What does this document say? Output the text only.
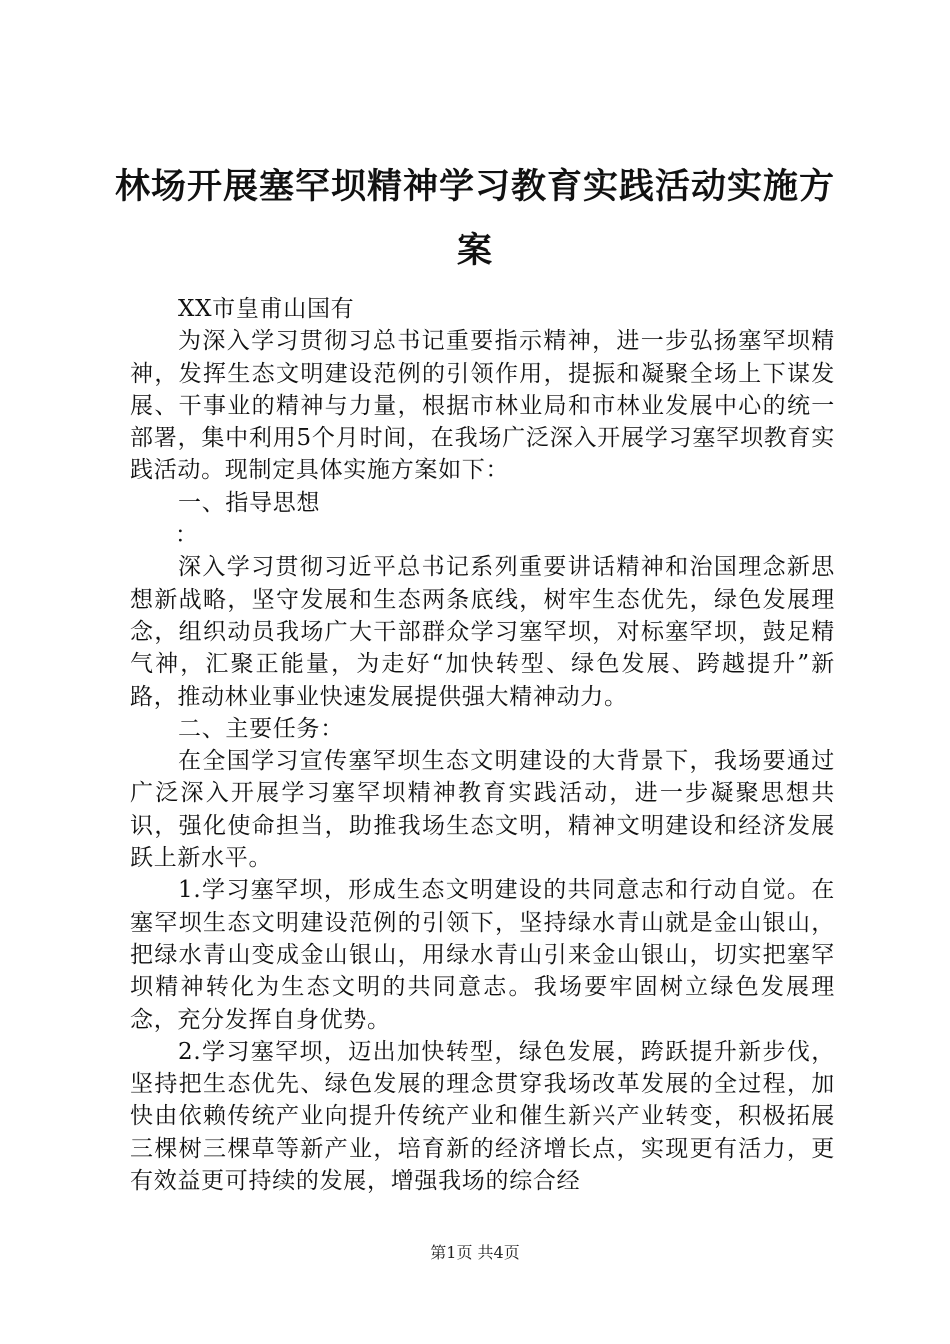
林场开展塞罕坝精神学习教育实践活动实施方案

XX市皇甫山国有

为深入学习贯彻习总书记重要指示精神，进一步弘扬塞罕坝精神，发挥生态文明建设范例的引领作用，提振和凝聚全场上下谋发展、干事业的精神与力量，根据市林业局和市林业发展中心的统一部署，集中利用5个月时间，在我场广泛深入开展学习塞罕坝教育实践活动。现制定具体实施方案如下：

一、指导思想

：

深入学习贯彻习近平总书记系列重要讲话精神和治国理念新思想新战略，坚守发展和生态两条底线，树牢生态优先，绿色发展理念，组织动员我场广大干部群众学习塞罕坝，对标塞罕坝，鼓足精气神，汇聚正能量，为走好“加快转型、绿色发展、跨越提升”新路，推动林业事业快速发展提供强大精神动力。

二、主要任务：

在全国学习宣传塞罕坝生态文明建设的大背景下，我场要通过广泛深入开展学习塞罕坝精神教育实践活动，进一步凝聚思想共识，强化使命担当，助推我场生态文明，精神文明建设和经济发展跃上新水平。

1.学习塞罕坝，形成生态文明建设的共同意志和行动自觉。在塞罕坝生态文明建设范例的引领下，坚持绿水青山就是金山银山，把绿水青山变成金山银山，用绿水青山引来金山银山，切实把塞罕坝精神转化为生态文明的共同意志。我场要牢固树立绿色发展理念，充分发挥自身优势。

2.学习塞罕坝，迈出加快转型，绿色发展，跨跃提升新步伐，坚持把生态优先、绿色发展的理念贯穿我场改革发展的全过程，加快由依赖传统产业向提升传统产业和催生新兴产业转变，积极拓展三棵树三棵草等新产业，培育新的经济增长点，实现更有活力，更有效益更可持续的发展，增强我场的综合经

第1页 共4页
